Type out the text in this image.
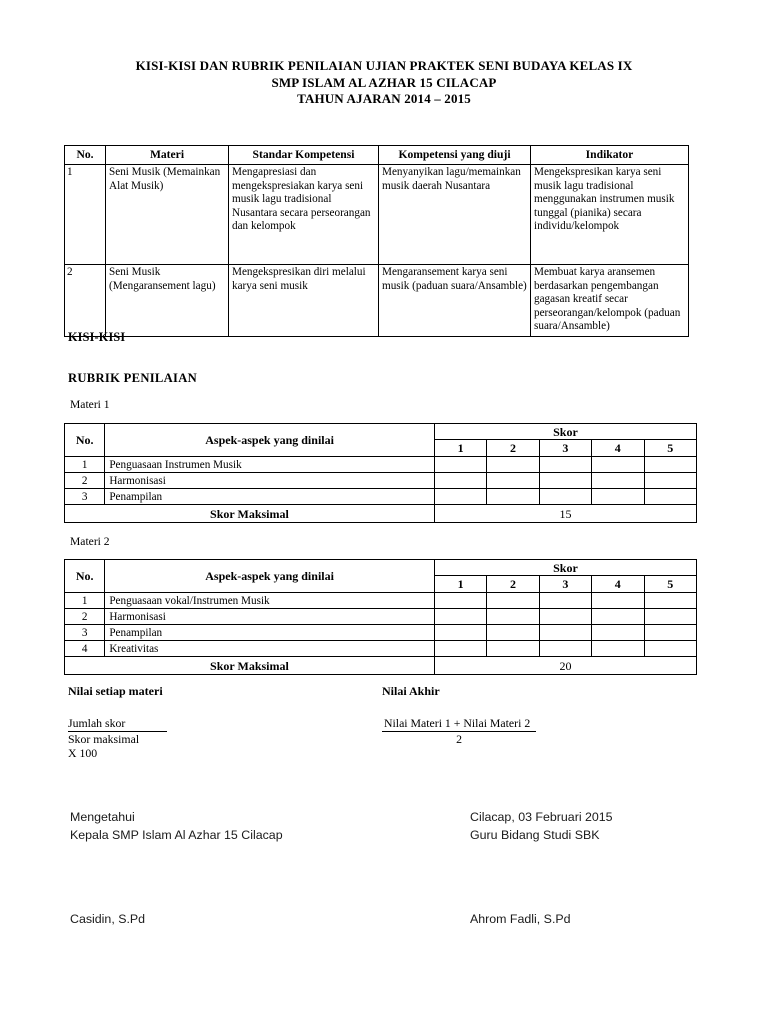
KISI-KISI DAN RUBRIK PENILAIAN UJIAN PRAKTEK SENI BUDAYA KELAS IX
SMP ISLAM AL AZHAR 15 CILACAP
TAHUN AJARAN 2014 – 2015
No.	Materi	Standar Kompetensi	Kompetensi yang diuji	Indikator
1	Seni Musik (Memainkan Alat Musik)	Mengapresiasi dan mengekspresiakan karya seni musik lagu tradisional Nusantara secara perseorangan dan kelompok	Menyanyikan lagu/memainkan musik daerah Nusantara	Mengekspresikan karya seni musik lagu tradisional menggunakan instrumen musik tunggal (pianika) secara individu/kelompok
2	Seni Musik (Mengaransement lagu)	Mengekspresikan diri melalui karya seni musik	Mengaransement karya seni musik (paduan suara/Ansamble)	Membuat karya aransemen berdasarkan pengembangan gagasan kreatif secar perseorangan/kelompok (paduan suara/Ansamble)
KISI-KISI
RUBRIK PENILAIAN
Materi 1
No.	Aspek-aspek yang dinilai	Skor				
		1	2	3	4	5
1	Penguasaan Instrumen Musik					
2	Harmonisasi					
3	Penampilan					
Skor Maksimal		15				
Materi 2
No.	Aspek-aspek yang dinilai	Skor				
		1	2	3	4	5
1	Penguasaan vokal/Instrumen Musik					
2	Harmonisasi					
3	Penampilan					
4	Kreativitas					
Skor Maksimal		20				
Nilai setiap materi	Nilai Akhir
Jumlah skor
Skor maksimal
X 100
Nilai Materi 1 + Nilai Materi 2
2
Mengetahui
Kepala SMP Islam Al Azhar 15 Cilacap
Cilacap, 03 Februari 2015
Guru Bidang Studi SBK
Casidin, S.Pd	Ahrom Fadli, S.Pd
